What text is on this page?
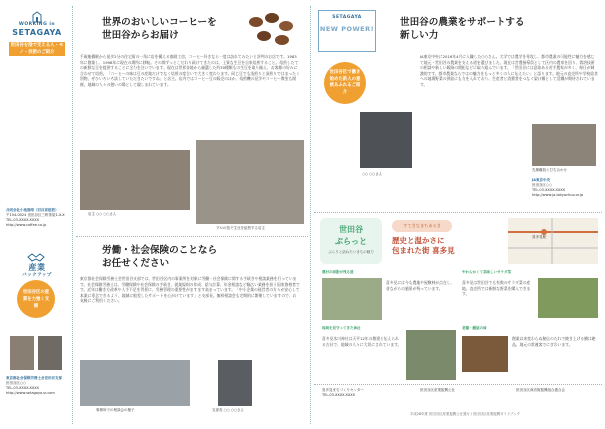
WORKING in
SETAGAYA
世田谷を陰で支える人・モノ・技術のご紹介
合同会社小池珈琲（旧自家焙煎）
〒154-0024 世田谷区三軒茶屋1-X-X
TEL.03-XXXX-XXXX
http://www.coffee.co.jp
産業
バックアップ
世田谷区の産業を力強く支援
東京都社会保険労務士会世田谷支部
世田谷区○○
TEL.03-XXXX-XXXX
http://www.setagaya.sr.com
世界のおいしいコーヒーを
世田谷からお届け
千歳船橋駅から徒歩2分の住宅街の一角に店を構える珈琲工房。コーヒー好きなら一度は訪れてみたいと評判のお店です。1983年に創業し、1998年に現在の場所に移転。その間ずっとこだわり続けてきたのは、上質な生豆を自家焙煎すること。焙煎したての新鮮な豆を提供することに全力を注いでいます。現在は世界各地から厳選した約30種類もの生豆を取り揃え、お客様の好みに合わせて焙煎。「コーヒーの味は豆の産地だけでなく焙煎の度合いで大きく変わります。同じ豆でも浅煎りと深煎りではまったく別物。ぜひいろいろ試していただきたいですね」と店主。店内ではコーヒー豆の販売のほか、焙煎機の見学やコーヒー教室も開催。地域の人々の憩いの場として親しまれています。
店主 ○○ ○○さん
プロの技で生豆を焙煎する店主
労働・社会保険のことなら
お任せください
東京都社会保険労務士会世田谷支部では、世田谷区内の事業所を対象に労働・社会保険に関する手続きや相談業務を行っています。社会保険労務士は、労働保険や社会保険の手続き、就業規則の作成、給与計算、年金相談など幅広い業務を担う国家資格者です。近年は働き方改革や人手不足を背景に、労務管理の重要性がますます高まっています。「中小企業の経営者の方々が安心して本業に専念できるよう、地域に根差したサポートを心がけています」と支部長。無料相談会も定期的に開催していますので、お気軽にご利用ください。
事務所での相談会の様子	支部長 ○○ ○○さん
SETAGAYA
NEW POWER!
世田谷区で働き始めた新人の意欲あふれるご紹介
世田谷の農業をサポートする
新しい力
○○ ○○さん
JA東京中央に2016年4月に入職した○○さん。大学では農学を専攻し、都市農業の可能性に魅力を感じて地元・世田谷の農業を支える道を選びました。現在は営農指導員として区内の農家を回り、栽培技術の相談や新しい販路の開拓などに取り組んでいます。「世田谷には意欲ある若手農家が多く、毎日が刺激的です。都市農業ならではの魅力をもっと多くの人に伝えたい」と語ります。地元の直売所や学校給食への地場野菜の供給にも力を入れており、生産者と消費者をつなぐ架け橋として活躍が期待されています。
先輩職員と打ち合わせ
JA東京中央
世田谷区○○
TEL.03-XXXX-XXXX
http://www.ja-tokyochuo.or.jp
世田谷
ぷらっと
ぶらりと訪ねたいまちの魅力
すてきなまちあるき
歴史と温かさに
包まれた街 喜多見
喜多見駅
農村の面影が残る道
喜多見には今も農地や屋敷林が点在し、昔ながらの風景が残っています。
やわらかくて美味しいサラダ菜
喜多見は世田谷でも有数のサラダ菜の産地。直売所では新鮮な野菜を購入できます。
地域を見守ってきた神社
喜多見氷川神社は天平12年の創建と伝えられる古社で、地域の人々に大切にされています。
老舗・鰻屋の味
創業以来変わらぬ秘伝のたれで焼き上げる鰻は絶品。地元の常連客でにぎわいます。
喜多見まちづくりセンター
TEL.03-XXXX-XXXX
世田谷区産業振興公社	世田谷区商店街振興組合連合会
平成28年度 世田谷区産業振興公社発行 / 世田谷区産業振興ガイドブック
